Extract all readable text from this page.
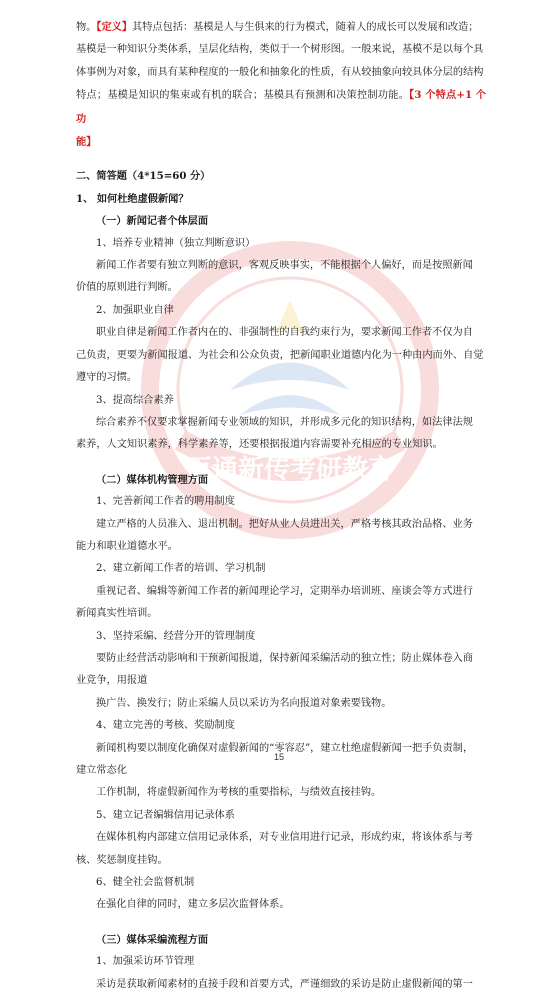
百通新传考研教育

物。【定义】其特点包括：基模是人与生俱来的行为模式，随着人的成长可以发展和改造；

基模是一种知识分类体系，呈层化结构，类似于一个树形图。一般来说，基模不是以每个具

体事例为对象，而具有某种程度的一般化和抽象化的性质，有从较抽象向较具体分层的结构

特点；基模是知识的集束或有机的联合；基模具有预测和决策控制功能。【3 个特点+1 个功

能】

二、简答题（4*15=60 分）

1、 如何杜绝虚假新闻？

（一）新闻记者个体层面

1、培养专业精神（独立判断意识）

新闻工作者要有独立判断的意识，客观反映事实，不能根据个人偏好，而是按照新闻

价值的原则进行判断。

2、加强职业自律

职业自律是新闻工作者内在的、非强制性的自我约束行为，要求新闻工作者不仅为自

己负责，更要为新闻报道、为社会和公众负责，把新闻职业道德内化为一种由内而外、自觉

遵守的习惯。

3、提高综合素养

综合素养不仅要求掌握新闻专业领域的知识，并形成多元化的知识结构，如法律法规

素养，人文知识素养，科学素养等，还要根据报道内容需要补充相应的专业知识。

（二）媒体机构管理方面

1、完善新闻工作者的聘用制度

建立严格的人员准入、退出机制。把好从业人员进出关，严格考核其政治品格、业务

能力和职业道德水平。

2、建立新闻工作者的培训、学习机制

重视记者、编辑等新闻工作者的新闻理论学习，定期举办培训班、座谈会等方式进行

新闻真实性培训。

3、坚持采编、经营分开的管理制度

要防止经营活动影响和干预新闻报道，保持新闻采编活动的独立性；防止媒体卷入商

业竞争，用报道

换广告、换发行；防止采编人员以采访为名向报道对象索要钱物。

4、建立完善的考核、奖励制度

新闻机构要以制度化确保对虚假新闻的“零容忍”，建立杜绝虚假新闻一把手负责制，

建立常态化

工作机制，将虚假新闻作为考核的重要指标，与绩效直接挂钩。

5、建立记者编辑信用记录体系

在媒体机构内部建立信用记录体系，对专业信用进行记录，形成约束，将该体系与考

核、奖惩制度挂钩。

6、健全社会监督机制

在强化自律的同时，建立多层次监督体系。

（三）媒体采编流程方面

1、加强采访环节管理

采访是获取新闻素材的直接手段和首要方式，严谨细致的采访是防止虚假新闻的第一

15
